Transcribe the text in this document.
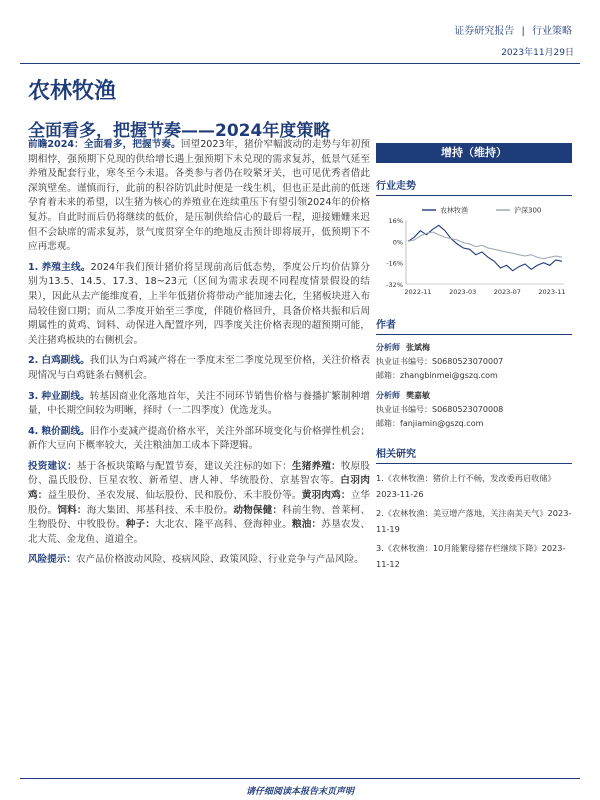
证券研究报告 | 行业策略
2023年11月29日
农林牧渔
全面看多，把握节奏——2024年度策略

前瞻2024：全面看多，把握节奏。回望2023年，猪价窄幅波动的走势与年初预期相悖，强预期下兑现的供给增长遇上强预期下未兑现的需求复苏，低景气延至养殖及配套行业，寒冬至今未退。各类参与者仍在咬紧牙关，也可见优秀者借此深筑壁垒。谨慎而行，此前的积谷防饥此时便是一线生机，但也正是此前的低迷孕育着未来的希望，以生猪为核心的养殖业在连续重压下有望引领2024年的价格复苏。自此时而后仍将继续的低价，是压制供给信心的最后一程，迎接姗姗来迟但不会缺席的需求复苏，景气度贯穿全年的绝地反击预计即将展开，低预期下不应再悲观。

1. 养殖主线。2024年我们预计猪价将呈现前高后低态势，季度公斤均价估算分别为13.5、14.5、17.3、18~23元（区间为需求表现不同程度情景假设的结果），因此从去产能维度看，上半年低猪价将带动产能加速去化，生猪板块进入布局较佳窗口期；而从二季度开始至三季度，伴随价格回升，具备价格共振和后周期属性的黄鸡、饲料、动保进入配置序列，四季度关注价格表现的超预期可能，关注猪鸡板块的右侧机会。

2. 白鸡副线。我们认为白鸡减产将在一季度末至二季度兑现至价格，关注价格表现情况与白鸡链条右侧机会。

3. 种业副线。转基因商业化落地首年，关注不同环节销售价格与養播扩繁制种增量，中长期空间较为明晰，择时（一二四季度）优选龙头。

4. 粮价副线。旧作小麦减产提高价格水平，关注外部环境变化与价格弹性机会；新作大豆向下概率较大，关注粮油加工成本下降逻辑。

投资建议：基于各板块策略与配置节奏，建议关注标的如下：生猪养殖：牧原股份、温氏股份、巨星农牧、新希望、唐人神、华统股份、京基智农等。白羽肉鸡：益生股份、圣农发展、仙坛股份、民和股份、禾丰股份等。黄羽肉鸡：立华股份。饲料：海大集团、邦基科技、禾丰股份。动物保健：科前生物、普莱柯、生物股份、中牧股份。种子：大北农、隆平高科、登海种业。粮油：苏垦农发、北大荒、金龙鱼、道道全。

风险提示：农产品价格波动风险、疫病风险、政策风险、行业竞争与产品风险。

增持（维持）
行业走势
16%
0%
-16%
-32%
2022-11	2023-03	2023-07	2023-11
农林牧渔	沪深300
作者
分析师 张斌梅
执业证书编号：S0680523070007
邮箱：zhangbinmei@gszq.com
分析师 樊嘉敏
执业证书编号：S0680523070008
邮箱：fanjiamin@gszq.com
相关研究
1.《农林牧渔：猪价上行不畅，发改委再启收储》2023-11-26
2.《农林牧渔：美豆增产落地，关注南美天气》2023-11-19
3.《农林牧渔：10月能繁母猪存栏继续下降》2023-11-12
请仔细阅读本报告末页声明
